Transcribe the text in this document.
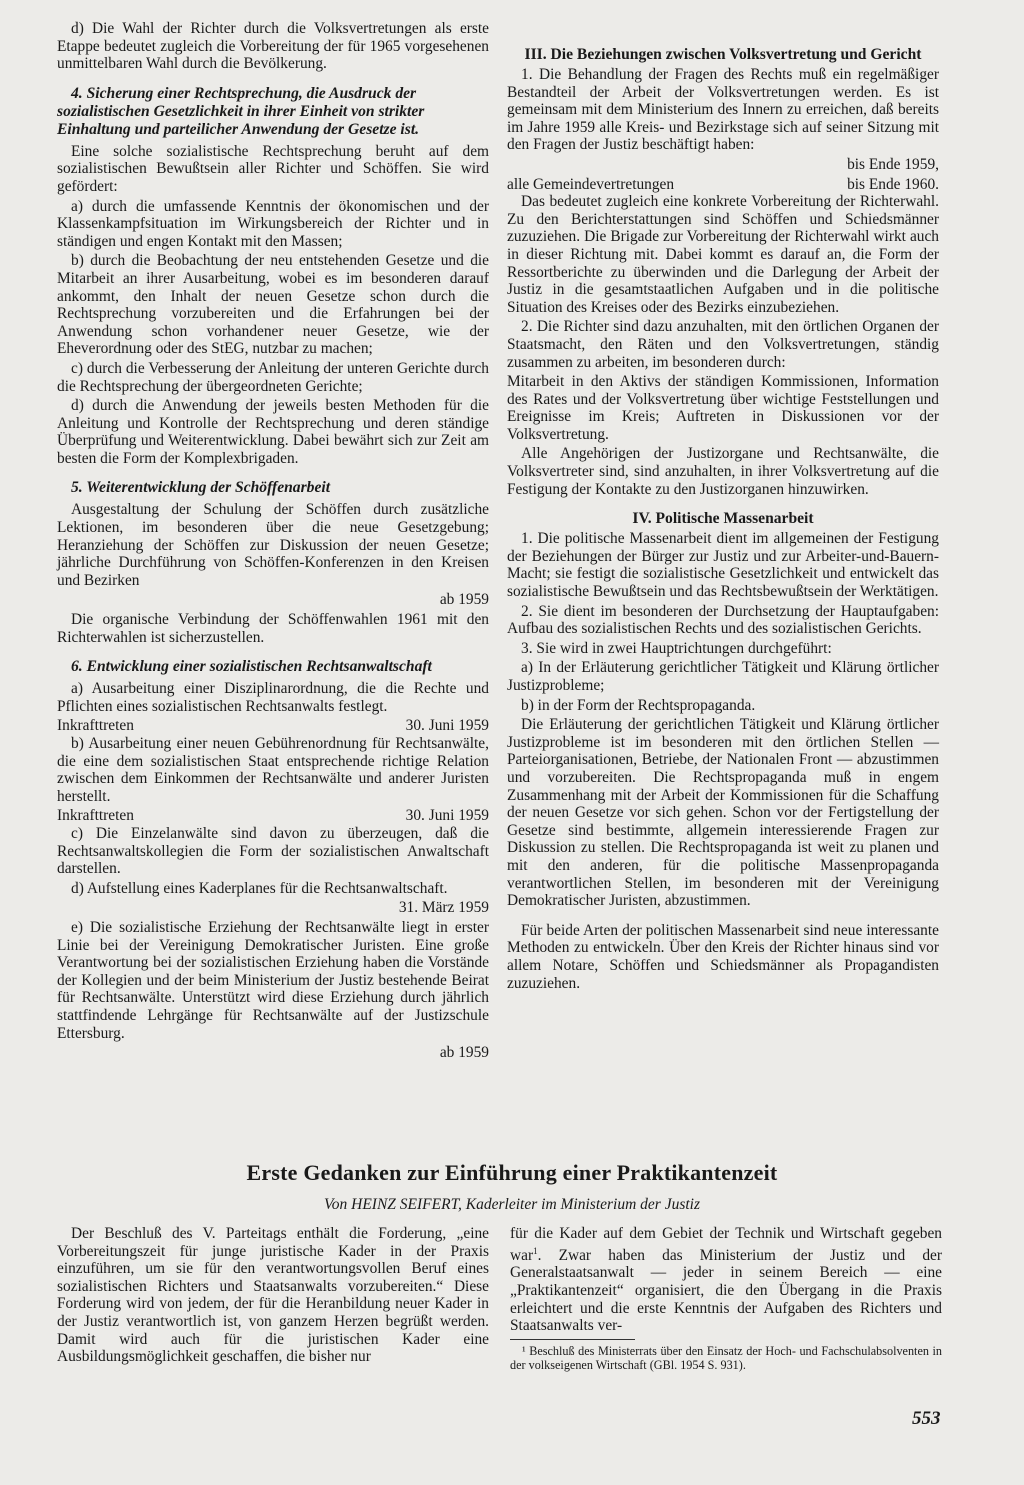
d) Die Wahl der Richter durch die Volksvertretungen als erste Etappe bedeutet zugleich die Vorbereitung der für 1965 vorgesehenen unmittelbaren Wahl durch die Bevölkerung.

4. Sicherung einer Rechtsprechung, die Ausdruck der sozialistischen Gesetzlichkeit in ihrer Einheit von strikter Einhaltung und parteilicher Anwendung der Gesetze ist.

Eine solche sozialistische Rechtsprechung beruht auf dem sozialistischen Bewußtsein aller Richter und Schöffen. Sie wird gefördert:

a) durch die umfassende Kenntnis der ökonomischen und der Klassenkampfsituation im Wirkungsbereich der Richter und in ständigen und engen Kontakt mit den Massen;

b) durch die Beobachtung der neu entstehenden Gesetze und die Mitarbeit an ihrer Ausarbeitung, wobei es im besonderen darauf ankommt, den Inhalt der neuen Gesetze schon durch die Rechtsprechung vorzubereiten und die Erfahrungen bei der Anwendung schon vorhandener neuer Gesetze, wie der Eheverordnung oder des StEG, nutzbar zu machen;

c) durch die Verbesserung der Anleitung der unteren Gerichte durch die Rechtsprechung der übergeordneten Gerichte;

d) durch die Anwendung der jeweils besten Methoden für die Anleitung und Kontrolle der Rechtsprechung und deren ständige Überprüfung und Weiterentwicklung. Dabei bewährt sich zur Zeit am besten die Form der Komplexbrigaden.

5. Weiterentwicklung der Schöffenarbeit

Ausgestaltung der Schulung der Schöffen durch zusätzliche Lektionen, im besonderen über die neue Gesetzgebung; Heranziehung der Schöffen zur Diskussion der neuen Gesetze; jährliche Durchführung von Schöffen-Konferenzen in den Kreisen und Bezirken

ab 1959

Die organische Verbindung der Schöffenwahlen 1961 mit den Richterwahlen ist sicherzustellen.

6. Entwicklung einer sozialistischen Rechtsanwaltschaft

a) Ausarbeitung einer Disziplinarordnung, die die Rechte und Pflichten eines sozialistischen Rechtsanwalts festlegt.

Inkrafttreten	30. Juni 1959

b) Ausarbeitung einer neuen Gebührenordnung für Rechtsanwälte, die eine dem sozialistischen Staat entsprechende richtige Relation zwischen dem Einkommen der Rechtsanwälte und anderer Juristen herstellt.

Inkrafttreten	30. Juni 1959

c) Die Einzelanwälte sind davon zu überzeugen, daß die Rechtsanwaltskollegien die Form der sozialistischen Anwaltschaft darstellen.

d) Aufstellung eines Kaderplanes für die Rechtsanwaltschaft.

31. März 1959

e) Die sozialistische Erziehung der Rechtsanwälte liegt in erster Linie bei der Vereinigung Demokratischer Juristen. Eine große Verantwortung bei der sozialistischen Erziehung haben die Vorstände der Kollegien und der beim Ministerium der Justiz bestehende Beirat für Rechtsanwälte. Unterstützt wird diese Erziehung durch jährlich stattfindende Lehrgänge für Rechtsanwälte auf der Justizschule Ettersburg.

ab 1959

III. Die Beziehungen zwischen Volksvertretung und Gericht

1. Die Behandlung der Fragen des Rechts muß ein regelmäßiger Bestandteil der Arbeit der Volksvertretungen werden. Es ist gemeinsam mit dem Ministerium des Innern zu erreichen, daß bereits im Jahre 1959 alle Kreis- und Bezirkstage sich auf seiner Sitzung mit den Fragen der Justiz beschäftigt haben:

bis Ende 1959,

alle Gemeindevertretungen	bis Ende 1960.

Das bedeutet zugleich eine konkrete Vorbereitung der Richterwahl. Zu den Berichterstattungen sind Schöffen und Schiedsmänner zuzuziehen. Die Brigade zur Vorbereitung der Richterwahl wirkt auch in dieser Richtung mit. Dabei kommt es darauf an, die Form der Ressortberichte zu überwinden und die Darlegung der Arbeit der Justiz in die gesamtstaatlichen Aufgaben und in die politische Situation des Kreises oder des Bezirks einzubeziehen.

2. Die Richter sind dazu anzuhalten, mit den örtlichen Organen der Staatsmacht, den Räten und den Volksvertretungen, ständig zusammen zu arbeiten, im besonderen durch:

Mitarbeit in den Aktivs der ständigen Kommissionen, Information des Rates und der Volksvertretung über wichtige Feststellungen und Ereignisse im Kreis; Auftreten in Diskussionen vor der Volksvertretung.

Alle Angehörigen der Justizorgane und Rechtsanwälte, die Volksvertreter sind, sind anzuhalten, in ihrer Volksvertretung auf die Festigung der Kontakte zu den Justizorganen hinzuwirken.

IV. Politische Massenarbeit

1. Die politische Massenarbeit dient im allgemeinen der Festigung der Beziehungen der Bürger zur Justiz und zur Arbeiter-und-Bauern-Macht; sie festigt die sozialistische Gesetzlichkeit und entwickelt das sozialistische Bewußtsein und das Rechtsbewußtsein der Werktätigen.

2. Sie dient im besonderen der Durchsetzung der Hauptaufgaben: Aufbau des sozialistischen Rechts und des sozialistischen Gerichts.

3. Sie wird in zwei Hauptrichtungen durchgeführt:

a) In der Erläuterung gerichtlicher Tätigkeit und Klärung örtlicher Justizprobleme;

b) in der Form der Rechtspropaganda.

Die Erläuterung der gerichtlichen Tätigkeit und Klärung örtlicher Justizprobleme ist im besonderen mit den örtlichen Stellen — Parteiorganisationen, Betriebe, der Nationalen Front — abzustimmen und vorzubereiten. Die Rechtspropaganda muß in engem Zusammenhang mit der Arbeit der Kommissionen für die Schaffung der neuen Gesetze vor sich gehen. Schon vor der Fertigstellung der Gesetze sind bestimmte, allgemein interessierende Fragen zur Diskussion zu stellen. Die Rechtspropaganda ist weit zu planen und mit den anderen, für die politische Massenpropaganda verantwortlichen Stellen, im besonderen mit der Vereinigung Demokratischer Juristen, abzustimmen.

Für beide Arten der politischen Massenarbeit sind neue interessante Methoden zu entwickeln. Über den Kreis der Richter hinaus sind vor allem Notare, Schöffen und Schiedsmänner als Propagandisten zuzuziehen.

Erste Gedanken zur Einführung einer Praktikantenzeit
Von HEINZ SEIFERT, Kaderleiter im Ministerium der Justiz

Der Beschluß des V. Parteitags enthält die Forderung, „eine Vorbereitungszeit für junge juristische Kader in der Praxis einzuführen, um sie für den verantwortungsvollen Beruf eines sozialistischen Richters und Staatsanwalts vorzubereiten.“ Diese Forderung wird von jedem, der für die Heranbildung neuer Kader in der Justiz verantwortlich ist, von ganzem Herzen begrüßt werden. Damit wird auch für die juristischen Kader eine Ausbildungsmöglichkeit geschaffen, die bisher nur

für die Kader auf dem Gebiet der Technik und Wirtschaft gegeben war$^1$. Zwar haben das Ministerium der Justiz und der Generalstaatsanwalt — jeder in seinem Bereich — eine „Praktikantenzeit“ organisiert, die den Übergang in die Praxis erleichtert und die erste Kenntnis der Aufgaben des Richters und Staatsanwalts ver-

¹ Beschluß des Ministerrats über den Einsatz der Hoch- und Fachschulabsolventen in der volkseigenen Wirtschaft (GBl. 1954 S. 931).
553
